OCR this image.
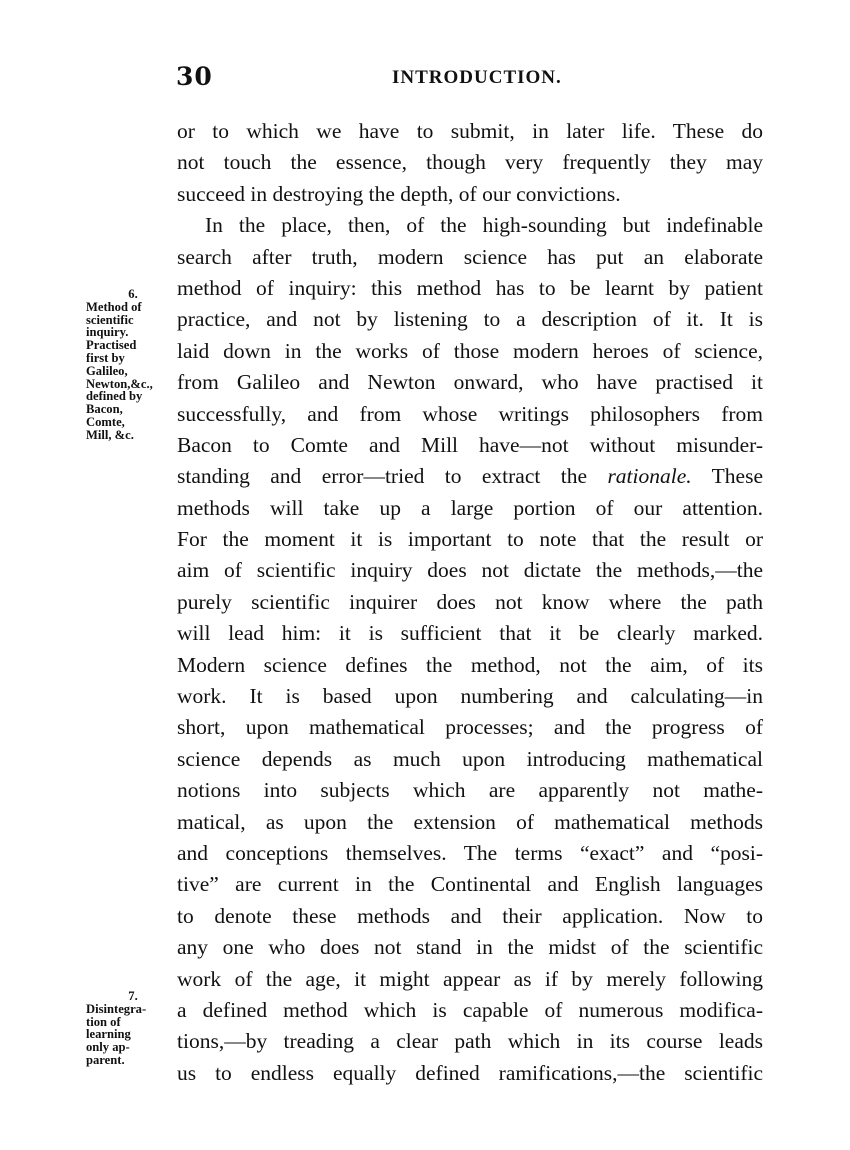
30	INTRODUCTION.
6.
Method of
scientific
inquiry.
Practised
first by
Galileo,
Newton,&c.,
defined by
Bacon,
Comte,
Mill, &c.
7.
Disintegra-
tion of
learning
only ap-
parent.
or to which we have to submit, in later life. These do
not touch the essence, though very frequently they may
succeed in destroying the depth, of our convictions.
In the place, then, of the high-sounding but indefinable
search after truth, modern science has put an elaborate
method of inquiry: this method has to be learnt by patient
practice, and not by listening to a description of it. It is
laid down in the works of those modern heroes of science,
from Galileo and Newton onward, who have practised it
successfully, and from whose writings philosophers from
Bacon to Comte and Mill have—not without misunder-
standing and error—tried to extract the rationale. These
methods will take up a large portion of our attention.
For the moment it is important to note that the result or
aim of scientific inquiry does not dictate the methods,—the
purely scientific inquirer does not know where the path
will lead him: it is sufficient that it be clearly marked.
Modern science defines the method, not the aim, of its
work. It is based upon numbering and calculating—in
short, upon mathematical processes; and the progress of
science depends as much upon introducing mathematical
notions into subjects which are apparently not mathe-
matical, as upon the extension of mathematical methods
and conceptions themselves. The terms “exact” and “posi-
tive” are current in the Continental and English languages
to denote these methods and their application. Now to
any one who does not stand in the midst of the scientific
work of the age, it might appear as if by merely following
a defined method which is capable of numerous modifica-
tions,—by treading a clear path which in its course leads
us to endless equally defined ramifications,—the scientific
